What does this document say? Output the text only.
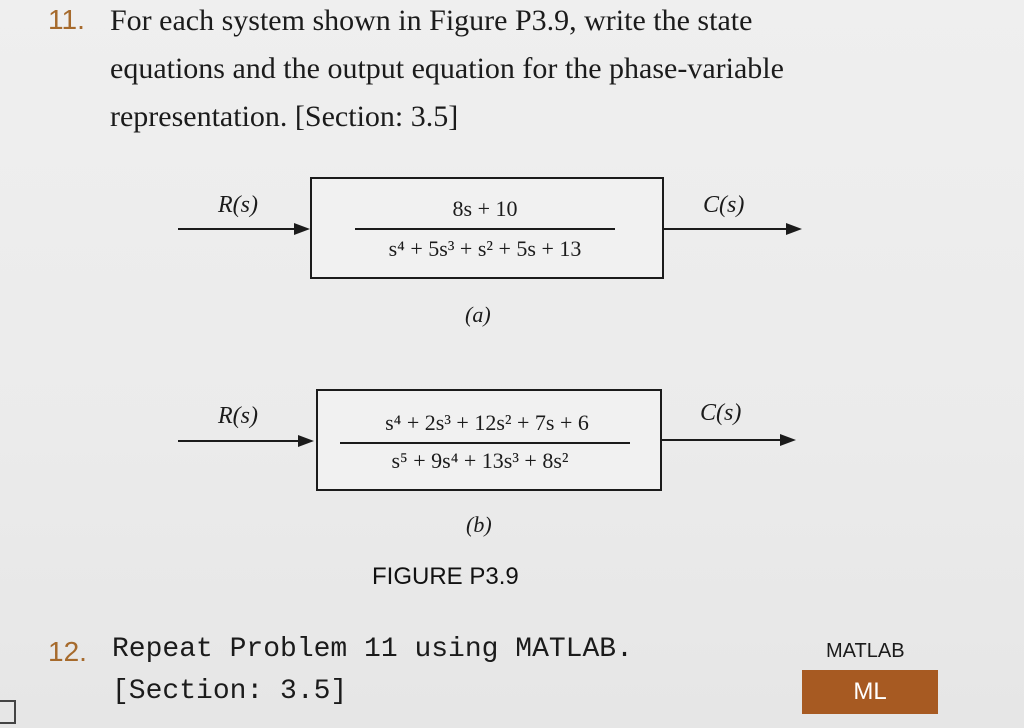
11. For each system shown in Figure P3.9, write the state
equations and the output equation for the phase-variable
representation. [Section: 3.5]
R(s)	8s + 10
s⁴ + 5s³ + s² + 5s + 13
C(s)
(a)
R(s)	s⁴ + 2s³ + 12s² + 7s + 6
s⁵ + 9s⁴ + 13s³ + 8s²
C(s)
(b)
FIGURE P3.9
12. Repeat Problem 11 using MATLAB.
[Section: 3.5]
MATLAB
ML
